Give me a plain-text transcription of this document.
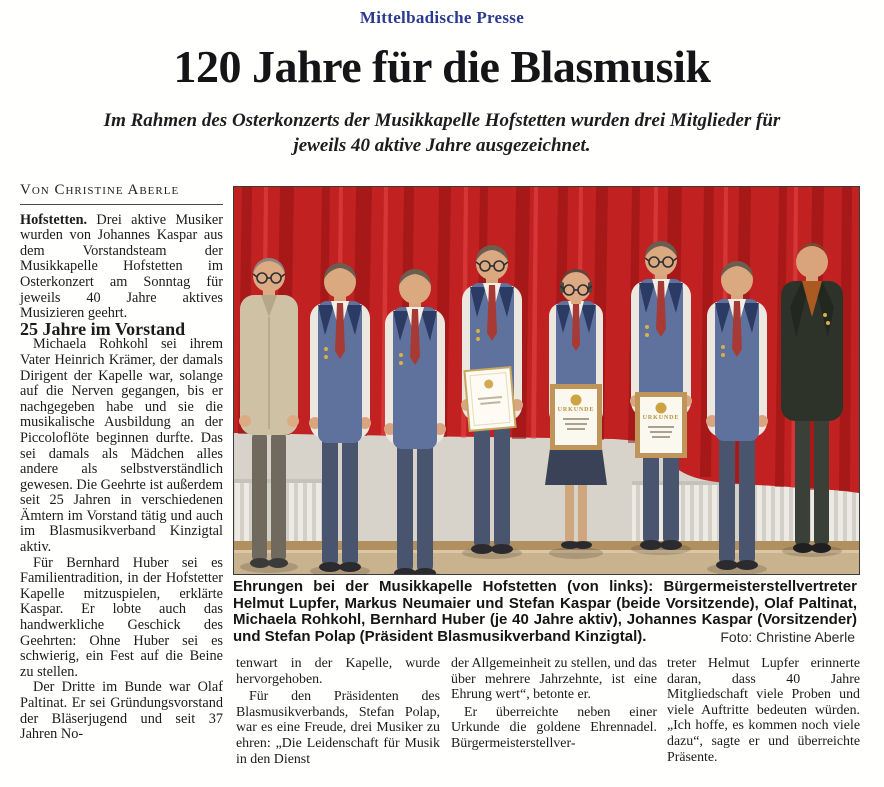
Mittelbadische Presse
120 Jahre für die Blasmusik
Im Rahmen des Osterkonzerts der Musikkapelle Hofstetten wurden drei Mitglieder für jeweils 40 aktive Jahre ausgezeichnet.
Von Christine Aberle

Hofstetten. Drei aktive Musiker wurden von Johannes Kaspar aus dem Vorstandsteam der Musikkapelle Hofstetten im Osterkonzert am Sonntag für jeweils 40 Jahre aktives Musizieren geehrt.

25 Jahre im Vorstand

Michaela Rohkohl sei ihrem Vater Heinrich Krämer, der damals Dirigent der Kapelle war, solange auf die Nerven gegangen, bis er nachgegeben habe und sie die musikalische Ausbildung an der Piccoloflöte beginnen durfte. Das sei damals als Mädchen alles andere als selbstverständlich gewesen. Die Geehrte ist außerdem seit 25 Jahren in verschiedenen Ämtern im Vorstand tätig und auch im Blasmusikverband Kinzigtal aktiv.

Für Bernhard Huber sei es Familientradition, in der Hofstetter Kapelle mitzuspielen, erklärte Kaspar. Er lobte auch das handwerkliche Geschick des Geehrten: Ohne Huber sei es schwierig, ein Fest auf die Beine zu stellen.

Der Dritte im Bunde war Olaf Paltinat. Er sei Gründungsvorstand der Bläserjugend und seit 37 Jahren No-

URKUNDE
URKUNDE
Ehrungen bei der Musikkapelle Hofstetten (von links): Bürgermeisterstellvertreter Helmut Lupfer, Markus Neumaier und Stefan Kaspar (beide Vorsitzende), Olaf Paltinat, Michaela Rohkohl, Bernhard Huber (je 40 Jahre aktiv), Johannes Kaspar (Vorsitzender) und Stefan Polap (Präsident Blasmusikverband Kinzigtal).	Foto: Christine Aberle

tenwart in der Kapelle, wurde hervorgehoben.

Für den Präsidenten des Blasmusikverbands, Stefan Polap, war es eine Freude, drei Musiker zu ehren: „Die Leidenschaft für Musik in den Dienst

der Allgemeinheit zu stellen, und das über mehrere Jahrzehnte, ist eine Ehrung wert“, betonte er.

Er überreichte neben einer Urkunde die goldene Ehrennadel. Bürgermeisterstellver-

treter Helmut Lupfer erinnerte daran, dass 40 Jahre Mitgliedschaft viele Proben und viele Auftritte bedeuten würden. „Ich hoffe, es kommen noch viele dazu“, sagte er und überreichte Präsente.
